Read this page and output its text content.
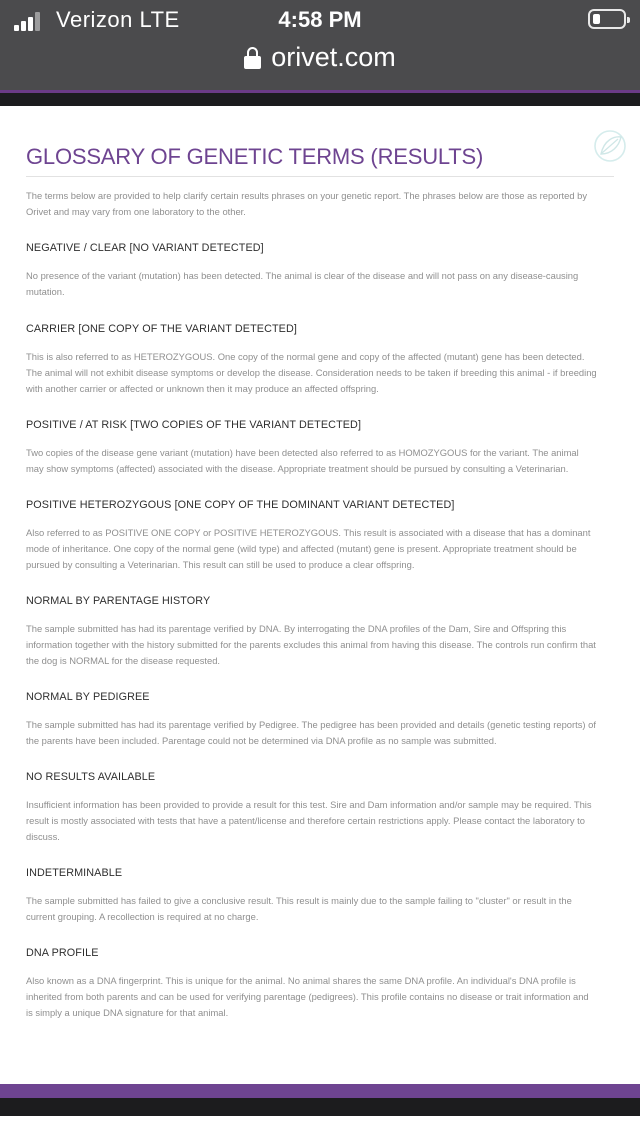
Verizon LTE	4:58 PM
orivet.com
GLOSSARY OF GENETIC TERMS (RESULTS)

The terms below are provided to help clarify certain results phrases on your genetic report. The phrases below are those as reported by Orivet and may vary from one laboratory to the other.

NEGATIVE / CLEAR [NO VARIANT DETECTED]

No presence of the variant (mutation) has been detected. The animal is clear of the disease and will not pass on any disease-causing mutation.

CARRIER [ONE COPY OF THE VARIANT DETECTED]

This is also referred to as HETEROZYGOUS. One copy of the normal gene and copy of the affected (mutant) gene has been detected. The animal will not exhibit disease symptoms or develop the disease. Consideration needs to be taken if breeding this animal - if breeding with another carrier or affected or unknown then it may produce an affected offspring.

POSITIVE / AT RISK [TWO COPIES OF THE VARIANT DETECTED]

Two copies of the disease gene variant (mutation) have been detected also referred to as HOMOZYGOUS for the variant. The animal may show symptoms (affected) associated with the disease. Appropriate treatment should be pursued by consulting a Veterinarian.

POSITIVE HETEROZYGOUS [ONE COPY OF THE DOMINANT VARIANT DETECTED]

Also referred to as POSITIVE ONE COPY or POSITIVE HETEROZYGOUS. This result is associated with a disease that has a dominant mode of inheritance. One copy of the normal gene (wild type) and affected (mutant) gene is present. Appropriate treatment should be pursued by consulting a Veterinarian. This result can still be used to produce a clear offspring.

NORMAL BY PARENTAGE HISTORY

The sample submitted has had its parentage verified by DNA. By interrogating the DNA profiles of the Dam, Sire and Offspring this information together with the history submitted for the parents excludes this animal from having this disease. The controls run confirm that the dog is NORMAL for the disease requested.

NORMAL BY PEDIGREE

The sample submitted has had its parentage verified by Pedigree. The pedigree has been provided and details (genetic testing reports) of the parents have been included. Parentage could not be determined via DNA profile as no sample was submitted.

NO RESULTS AVAILABLE

Insufficient information has been provided to provide a result for this test. Sire and Dam information and/or sample may be required. This result is mostly associated with tests that have a patent/license and therefore certain restrictions apply. Please contact the laboratory to discuss.

INDETERMINABLE

The sample submitted has failed to give a conclusive result. This result is mainly due to the sample failing to "cluster" or result in the current grouping. A recollection is required at no charge.

DNA PROFILE

Also known as a DNA fingerprint. This is unique for the animal. No animal shares the same DNA profile. An individual's DNA profile is inherited from both parents and can be used for verifying parentage (pedigrees). This profile contains no disease or trait information and is simply a unique DNA signature for that animal.
